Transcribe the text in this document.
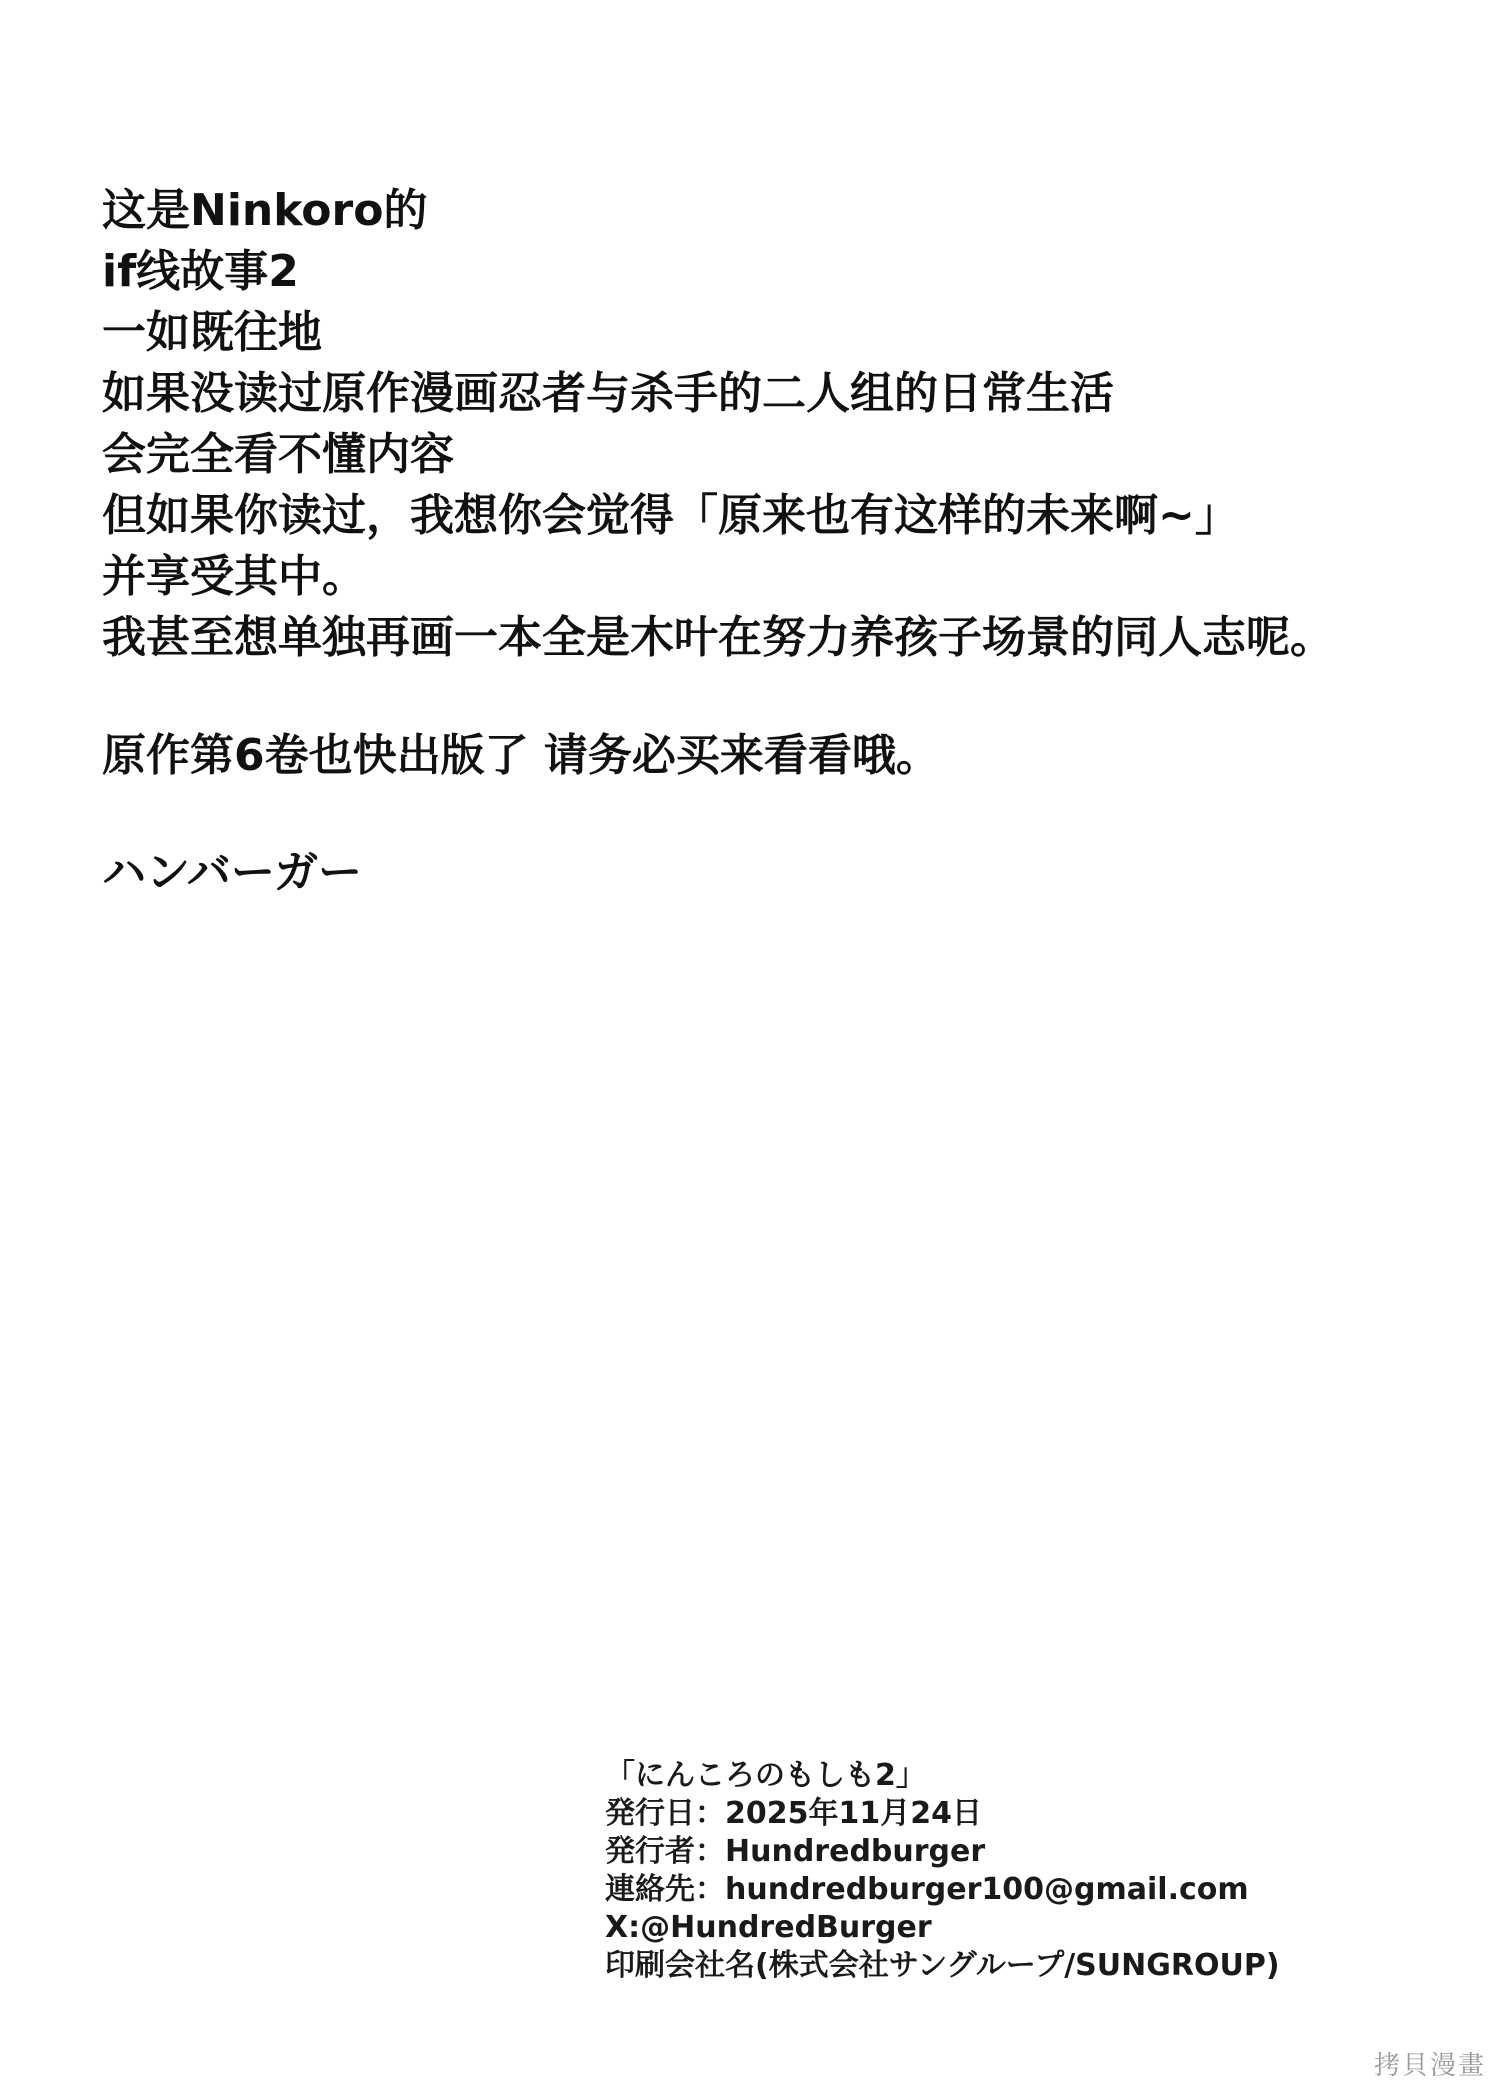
这是Ninkoro的
if线故事2
一如既往地
如果没读过原作漫画忍者与杀手的二人组的日常生活
会完全看不懂内容
但如果你读过，我想你会觉得「原来也有这样的未来啊~」
并享受其中。
我甚至想单独再画一本全是木叶在努力养孩子场景的同人志呢。
原作第6卷也快出版了 请务必买来看看哦。
ハンバーガー
「にんころのもしも2」
発行日：2025年11月24日
発行者：Hundredburger
連絡先：hundredburger100@gmail.com
X:@HundredBurger
印刷会社名(株式会社サングループ/SUNGROUP)
拷貝漫畫
